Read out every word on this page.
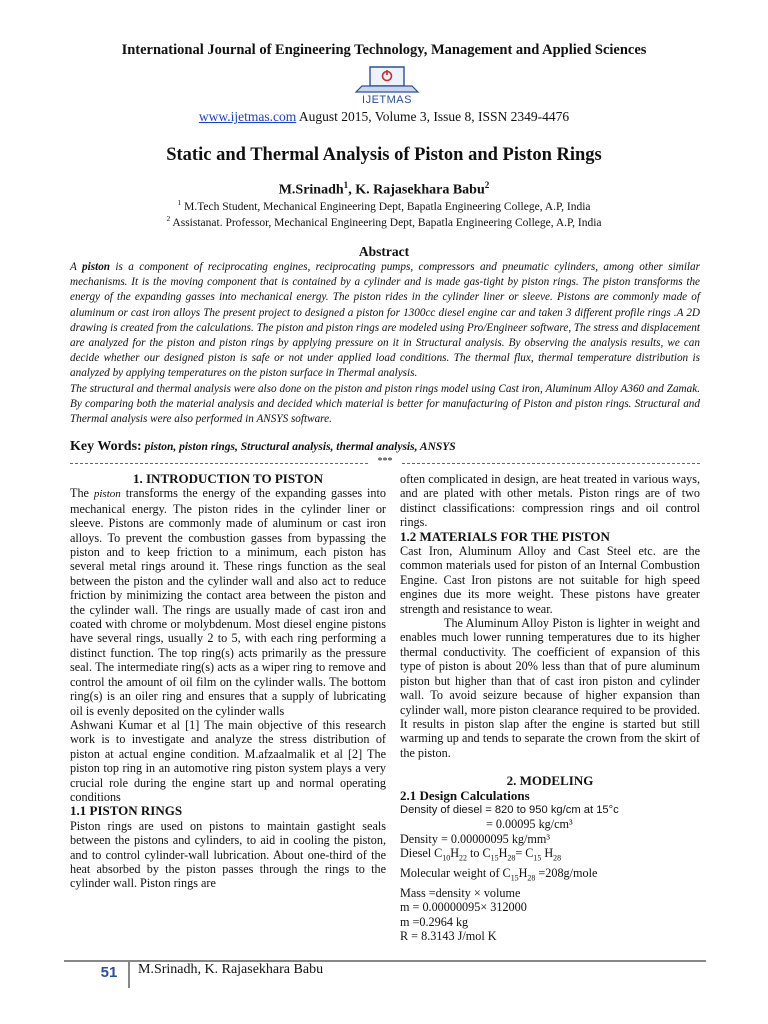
International Journal of Engineering Technology, Management and Applied Sciences
IJETMAS
www.ijetmas.com August 2015, Volume 3, Issue 8, ISSN 2349-4476
Static and Thermal Analysis of Piston and Piston Rings
M.Srinadh$^1$, K. Rajasekhara Babu$^2$
$^1$ M.Tech Student, Mechanical Engineering Dept, Bapatla Engineering College, A.P, India
$^2$ Assistanat. Professor, Mechanical Engineering Dept, Bapatla Engineering College, A.P, India
Abstract

A piston is a component of reciprocating engines, reciprocating pumps, compressors and pneumatic cylinders, among other similar mechanisms. It is the moving component that is contained by a cylinder and is made gas-tight by piston rings. The piston transforms the energy of the expanding gasses into mechanical energy. The piston rides in the cylinder liner or sleeve. Pistons are commonly made of aluminum or cast iron alloys The present project to designed a piston for 1300cc diesel engine car and taken 3 different profile rings .A 2D drawing is created from the calculations. The piston and piston rings are modeled using Pro/Engineer software, The stress and displacement are analyzed for the piston and piston rings by applying pressure on it in Structural analysis. By observing the analysis results, we can decide whether our designed piston is safe or not under applied load conditions. The thermal flux, thermal temperature distribution is analyzed by applying temperatures on the piston surface in Thermal analysis.

The structural and thermal analysis were also done on the piston and piston rings model using Cast iron, Aluminum Alloy A360 and Zamak. By comparing both the material analysis and decided which material is better for manufacturing of Piston and piston rings. Structural and Thermal analysis were also performed in ANSYS software.

Key Words: piston, piston rings, Structural analysis, thermal analysis, ANSYS
***

1. INTRODUCTION TO PISTON

The piston transforms the energy of the expanding gasses into mechanical energy. The piston rides in the cylinder liner or sleeve. Pistons are commonly made of aluminum or cast iron alloys. To prevent the combustion gasses from bypassing the piston and to keep friction to a minimum, each piston has several metal rings around it. These rings function as the seal between the piston and the cylinder wall and also act to reduce friction by minimizing the contact area between the piston and the cylinder wall. The rings are usually made of cast iron and coated with chrome or molybdenum. Most diesel engine pistons have several rings, usually 2 to 5, with each ring performing a distinct function. The top ring(s) acts primarily as the pressure seal. The intermediate ring(s) acts as a wiper ring to remove and control the amount of oil film on the cylinder walls. The bottom ring(s) is an oiler ring and ensures that a supply of lubricating oil is evenly deposited on the cylinder walls

Ashwani Kumar et al [1] The main objective of this research work is to investigate and analyze the stress distribution of piston at actual engine condition. M.afzaalmalik et al [2] The piston top ring in an automotive ring piston system plays a very crucial role during the engine start up and normal operating conditions

1.1 PISTON RINGS

Piston rings are used on pistons to maintain gastight seals between the pistons and cylinders, to aid in cooling the piston, and to control cylinder-wall lubrication. About one-third of the heat absorbed by the piston passes through the rings to the cylinder wall. Piston rings are

often complicated in design, are heat treated in various ways, and are plated with other metals. Piston rings are of two distinct classifications: compression rings and oil control rings.

1.2 MATERIALS FOR THE PISTON

Cast Iron, Aluminum Alloy and Cast Steel etc. are the common materials used for piston of an Internal Combustion Engine. Cast Iron pistons are not suitable for high speed engines due its more weight. These pistons have greater strength and resistance to wear.

The Aluminum Alloy Piston is lighter in weight and enables much lower running temperatures due to its higher thermal conductivity. The coefficient of expansion of this type of piston is about 20% less than that of pure aluminum piston but higher than that of cast iron piston and cylinder wall. To avoid seizure because of higher expansion than cylinder wall, more piston clearance required to be provided. It results in piston slap after the engine is started but still warming up and tends to separate the crown from the skirt of the piston.

2. MODELING

2.1 Design Calculations

Density of diesel = 820 to 950 kg/cm at 15°c

= 0.00095 kg/cm³

Density = 0.00000095 kg/mm³

Diesel $C_{10}H_{22}$ to $C_{15}H_{28}= C_{15}$ $H_{28}$

Molecular weight of $C_{15}H_{28}$ =208g/mole

Mass =density × volume

m = 0.00000095× 312000

m =0.2964 kg

R = 8.3143 J/mol K

51	M.Srinadh, K. Rajasekhara Babu
